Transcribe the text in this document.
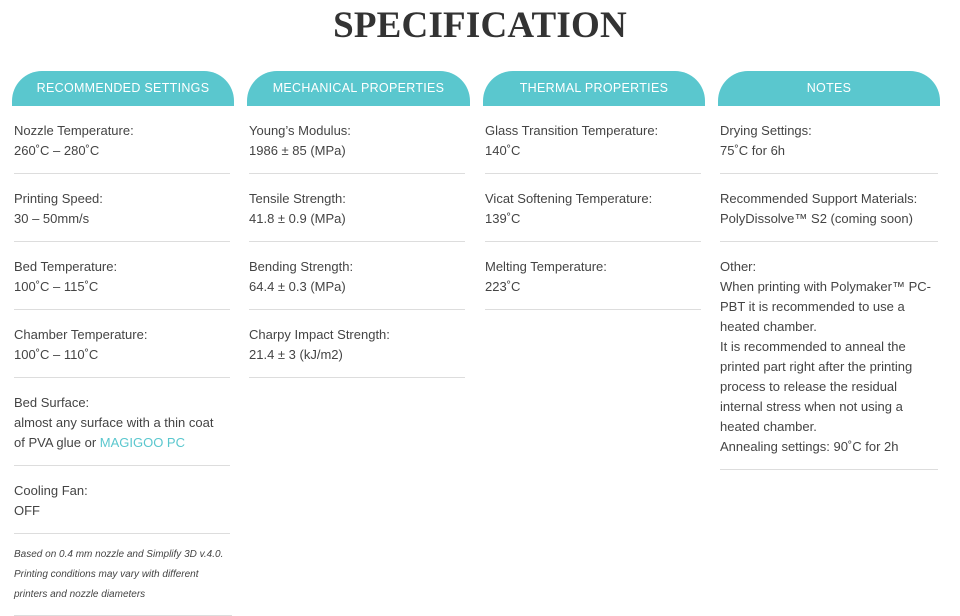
SPECIFICATION
RECOMMENDED SETTINGS
Nozzle Temperature:
260˚C – 280˚C
Printing Speed:
30 – 50mm/s
Bed Temperature:
100˚C – 115˚C
Chamber Temperature:
100˚C – 110˚C
Bed Surface:
almost any surface with a thin coat
of PVA glue or MAGIGOO PC
Cooling Fan:
OFF
Based on 0.4 mm nozzle and Simplify 3D v.4.0.
Printing conditions may vary with different
printers and nozzle diameters
MECHANICAL PROPERTIES
Young’s Modulus:
1986 ± 85 (MPa)
Tensile Strength:
41.8 ± 0.9 (MPa)
Bending Strength:
64.4 ± 0.3 (MPa)
Charpy Impact Strength:
21.4 ± 3 (kJ/m2)
THERMAL PROPERTIES
Glass Transition Temperature:
140˚C
Vicat Softening Temperature:
139˚C
Melting Temperature:
223˚C
NOTES
Drying Settings:
75˚C for 6h
Recommended Support Materials:
PolyDissolve™ S2 (coming soon)
Other:
When printing with Polymaker™ PC-
PBT it is recommended to use a
heated chamber.
It is recommended to anneal the
printed part right after the printing
process to release the residual
internal stress when not using a
heated chamber.
Annealing settings: 90˚C for 2h
